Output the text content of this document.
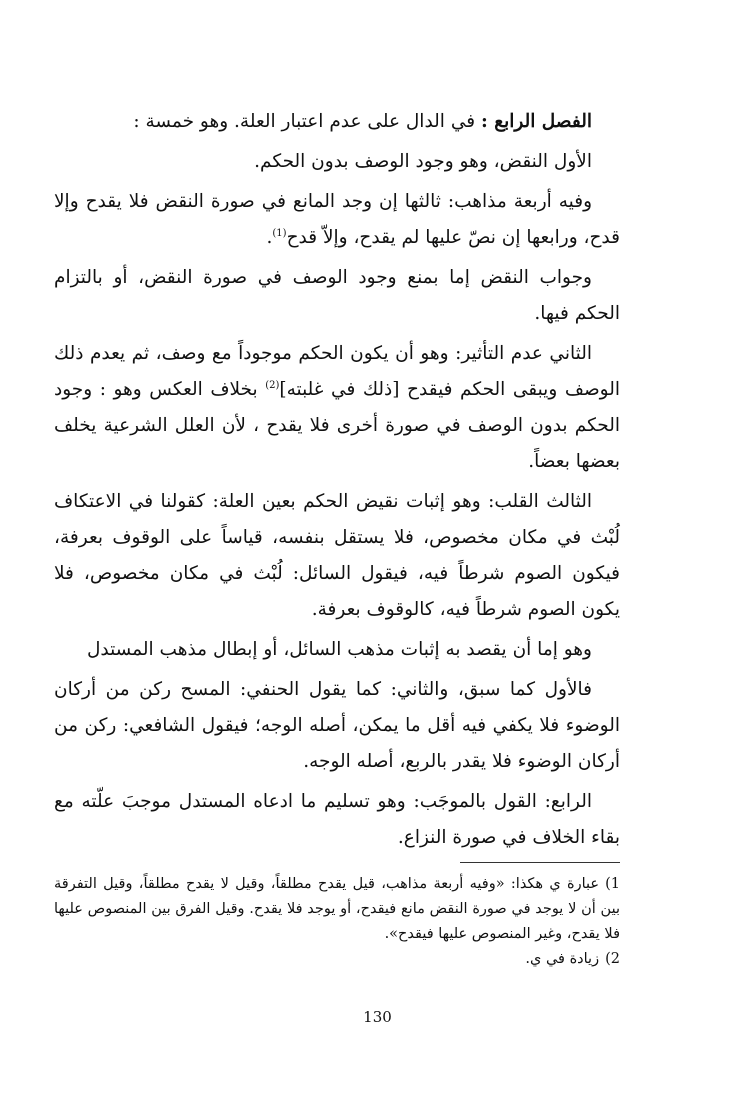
الفصل الرابع : في الدال على عدم اعتبار العلة. وهو خمسة :

الأول النقض، وهو وجود الوصف بدون الحكم.

وفيه أربعة مذاهب: ثالثها إن وجد المانع في صورة النقض فلا يقدح وإلا قدح، ورابعها إن نصّ عليها لم يقدح، وإلاّ قدح$^{(1)}$.

وجواب النقض إما بمنع وجود الوصف في صورة النقض، أو بالتزام الحكم فيها.

الثاني عدم التأثير: وهو أن يكون الحكم موجوداً مع وصف، ثم يعدم ذلك الوصف ويبقى الحكم فيقدح [ذلك في غلبته]$^{(2)}$ بخلاف العكس وهو : وجود الحكم بدون الوصف في صورة أخرى فلا يقدح ، لأن العلل الشرعية يخلف بعضها بعضاً.

الثالث القلب: وهو إثبات نقيض الحكم بعين العلة: كقولنا في الاعتكاف لُبْث في مكان مخصوص، فلا يستقل بنفسه، قياساً على الوقوف بعرفة، فيكون الصوم شرطاً فيه، فيقول السائل: لُبْث في مكان مخصوص، فلا يكون الصوم شرطاً فيه، كالوقوف بعرفة.

وهو إما أن يقصد به إثبات مذهب السائل، أو إبطال مذهب المستدل

فالأول كما سبق، والثاني: كما يقول الحنفي: المسح ركن من أركان الوضوء فلا يكفي فيه أقل ما يمكن، أصله الوجه؛ فيقول الشافعي: ركن من أركان الوضوء فلا يقدر بالربع، أصله الوجه.

الرابع: القول بالموجَب: وهو تسليم ما ادعاه المستدل موجبَ علّته مع بقاء الخلاف في صورة النزاع.

1)عبارة ي هكذا: «وفيه أربعة مذاهب، قيل يقدح مطلقاً، وقيل لا يقدح مطلقاً، وقيل التفرقة بين أن لا يوجد في صورة النقض مانع فيقدح، أو يوجد فلا يقدح. وقيل الفرق بين المنصوص عليها فلا يقدح، وغير المنصوص عليها فيقدح».

2)زيادة في ي.

130
